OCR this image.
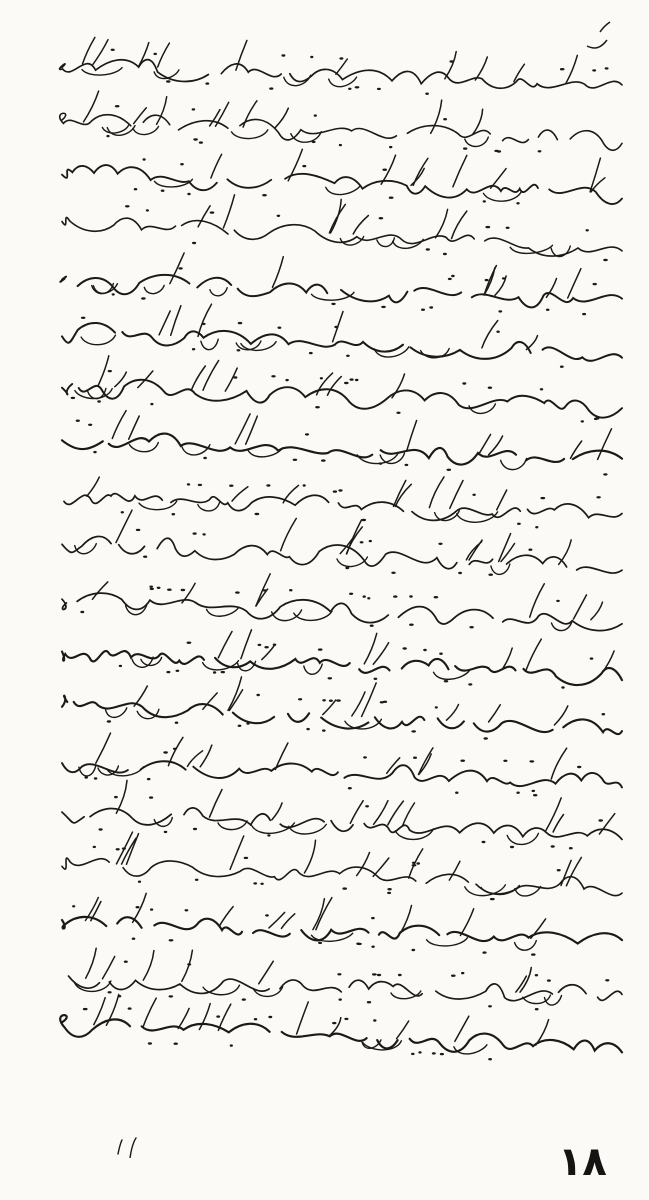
١٨
